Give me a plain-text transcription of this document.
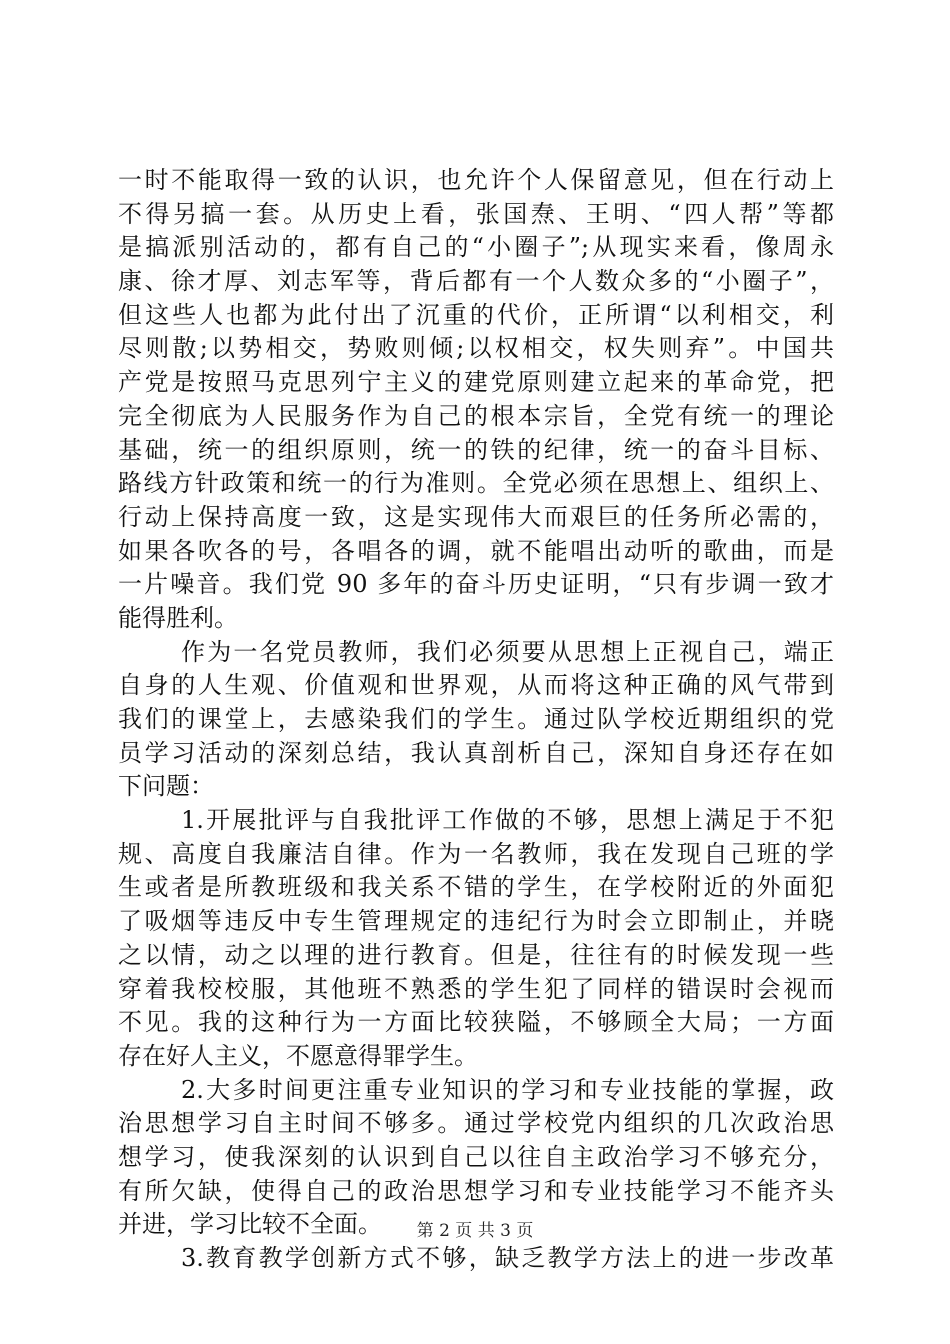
一时不能取得一致的认识，也允许个人保留意见，但在行动上
不得另搞一套。从历史上看，张国焘、王明、“四人帮”等都
是搞派别活动的，都有自己的“小圈子”;从现实来看，像周永
康、徐才厚、刘志军等，背后都有一个人数众多的“小圈子”，
但这些人也都为此付出了沉重的代价，正所谓“以利相交，利
尽则散;以势相交，势败则倾;以权相交，权失则弃”。中国共
产党是按照马克思列宁主义的建党原则建立起来的革命党，把
完全彻底为人民服务作为自己的根本宗旨，全党有统一的理论
基础，统一的组织原则，统一的铁的纪律，统一的奋斗目标、
路线方针政策和统一的行为准则。全党必须在思想上、组织上、
行动上保持高度一致，这是实现伟大而艰巨的任务所必需的，
如果各吹各的号，各唱各的调，就不能唱出动听的歌曲，而是
一片噪音。我们党 90 多年的奋斗历史证明，“只有步调一致才
能得胜利。
作为一名党员教师，我们必须要从思想上正视自己，端正
自身的人生观、价值观和世界观，从而将这种正确的风气带到
我们的课堂上，去感染我们的学生。通过队学校近期组织的党
员学习活动的深刻总结，我认真剖析自己，深知自身还存在如
下问题：
1.开展批评与自我批评工作做的不够，思想上满足于不犯
规、高度自我廉洁自律。作为一名教师，我在发现自己班的学
生或者是所教班级和我关系不错的学生，在学校附近的外面犯
了吸烟等违反中专生管理规定的违纪行为时会立即制止，并晓
之以情，动之以理的进行教育。但是，往往有的时候发现一些
穿着我校校服，其他班不熟悉的学生犯了同样的错误时会视而
不见。我的这种行为一方面比较狭隘，不够顾全大局；一方面
存在好人主义，不愿意得罪学生。
2.大多时间更注重专业知识的学习和专业技能的掌握，政
治思想学习自主时间不够多。通过学校党内组织的几次政治思
想学习，使我深刻的认识到自己以往自主政治学习不够充分，
有所欠缺，使得自己的政治思想学习和专业技能学习不能齐头
并进，学习比较不全面。
3.教育教学创新方式不够，缺乏教学方法上的进一步改革
第 2 页 共 3 页
